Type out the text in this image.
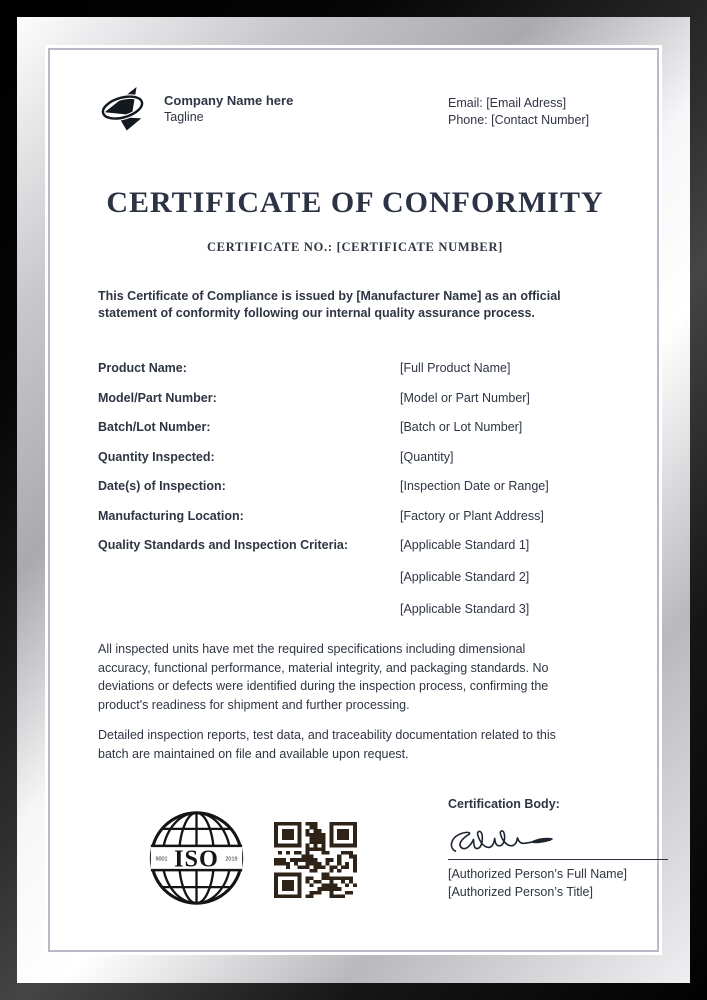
Company Name here
Tagline
Email: [Email Adress]
Phone: [Contact Number]
CERTIFICATE OF CONFORMITY
CERTIFICATE NO.: [CERTIFICATE NUMBER]
This Certificate of Compliance is issued by [Manufacturer Name] as an official
statement of conformity following our internal quality assurance process.
Product Name:	[Full Product Name]
Model/Part Number:	[Model or Part Number]
Batch/Lot Number:	[Batch or Lot Number]
Quantity Inspected:	[Quantity]
Date(s) of Inspection:	[Inspection Date or Range]
Manufacturing Location:	[Factory or Plant Address]
Quality Standards and Inspection Criteria:	[Applicable Standard 1]
[Applicable Standard 2]
[Applicable Standard 3]
All inspected units have met the required specifications including dimensional
accuracy, functional performance, material integrity, and packaging standards. No
deviations or defects were identified during the inspection process, confirming the
product's readiness for shipment and further processing.
Detailed inspection reports, test data, and traceability documentation related to this
batch are maintained on file and available upon request.
ISO
9001	2019
Certification Body:
[Authorized Person’s Full Name]
[Authorized Person’s Title]
